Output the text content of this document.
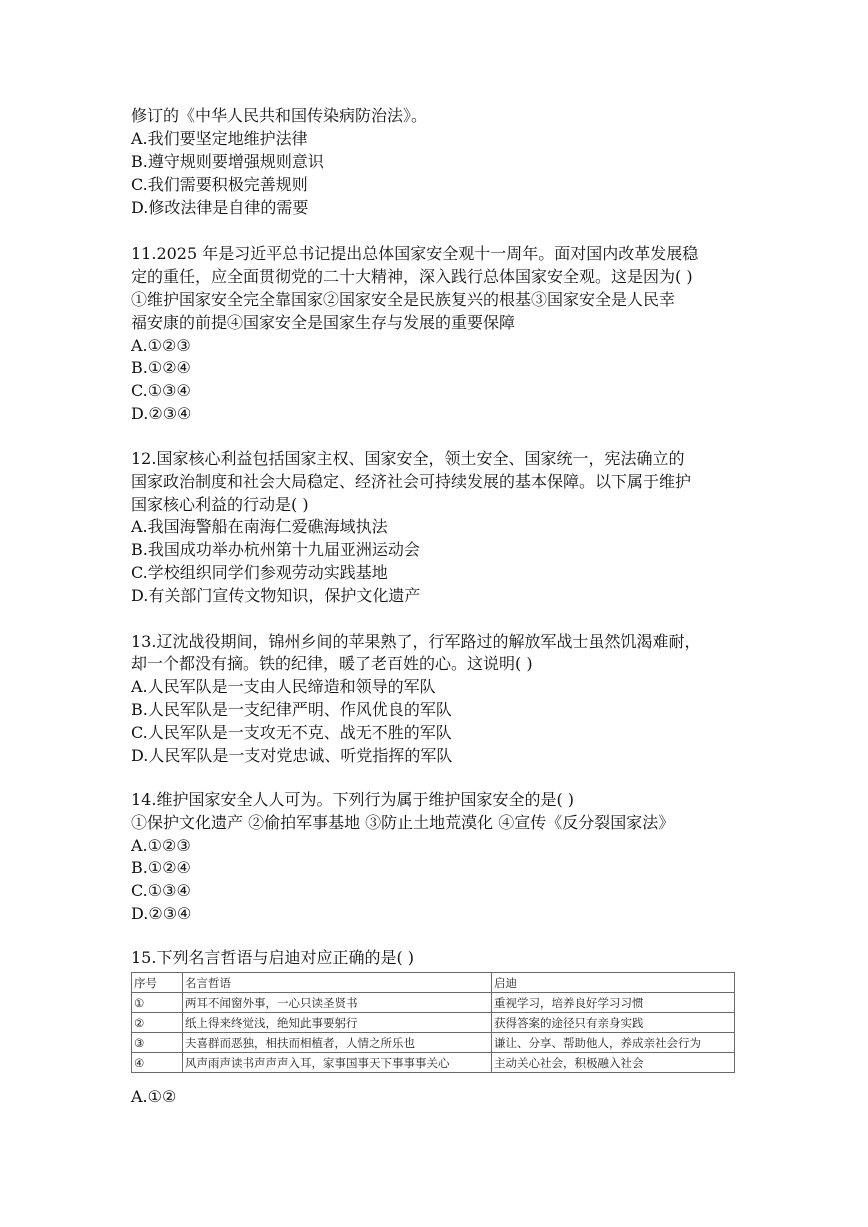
修订的《中华人民共和国传染病防治法》。
A.我们要坚定地维护法律
B.遵守规则要增强规则意识
C.我们需要积极完善规则
D.修改法律是自律的需要
11.2025 年是习近平总书记提出总体国家安全观十一周年。面对国内改革发展稳
定的重任，应全面贯彻党的二十大精神，深入践行总体国家安全观。这是因为( )
①维护国家安全完全靠国家②国家安全是民族复兴的根基③国家安全是人民幸
福安康的前提④国家安全是国家生存与发展的重要保障
A.①②③
B.①②④
C.①③④
D.②③④
12.国家核心利益包括国家主权、国家安全，领土安全、国家统一，宪法确立的
国家政治制度和社会大局稳定、经济社会可持续发展的基本保障。以下属于维护
国家核心利益的行动是( )
A.我国海警船在南海仁爱礁海域执法
B.我国成功举办杭州第十九届亚洲运动会
C.学校组织同学们参观劳动实践基地
D.有关部门宣传文物知识，保护文化遗产
13.辽沈战役期间，锦州乡间的苹果熟了，行军路过的解放军战士虽然饥渴难耐，
却一个都没有摘。铁的纪律，暖了老百姓的心。这说明( )
A.人民军队是一支由人民缔造和领导的军队
B.人民军队是一支纪律严明、作风优良的军队
C.人民军队是一支攻无不克、战无不胜的军队
D.人民军队是一支对党忠诚、听党指挥的军队
14.维护国家安全人人可为。下列行为属于维护国家安全的是( )
①保护文化遗产 ②偷拍军事基地 ③防止土地荒漠化 ④宣传《反分裂国家法》
A.①②③
B.①②④
C.①③④
D.②③④
15.下列名言哲语与启迪对应正确的是( )
序号	名言哲语	启迪
①	两耳不闻窗外事，一心只读圣贤书	重视学习，培养良好学习习惯
②	纸上得来终觉浅，绝知此事要躬行	获得答案的途径只有亲身实践
③	夫喜群而恶独，相扶而相植者，人情之所乐也	谦让、分享、帮助他人，养成亲社会行为
④	风声雨声读书声声声入耳，家事国事天下事事事关心	主动关心社会，积极融入社会
A.①②
